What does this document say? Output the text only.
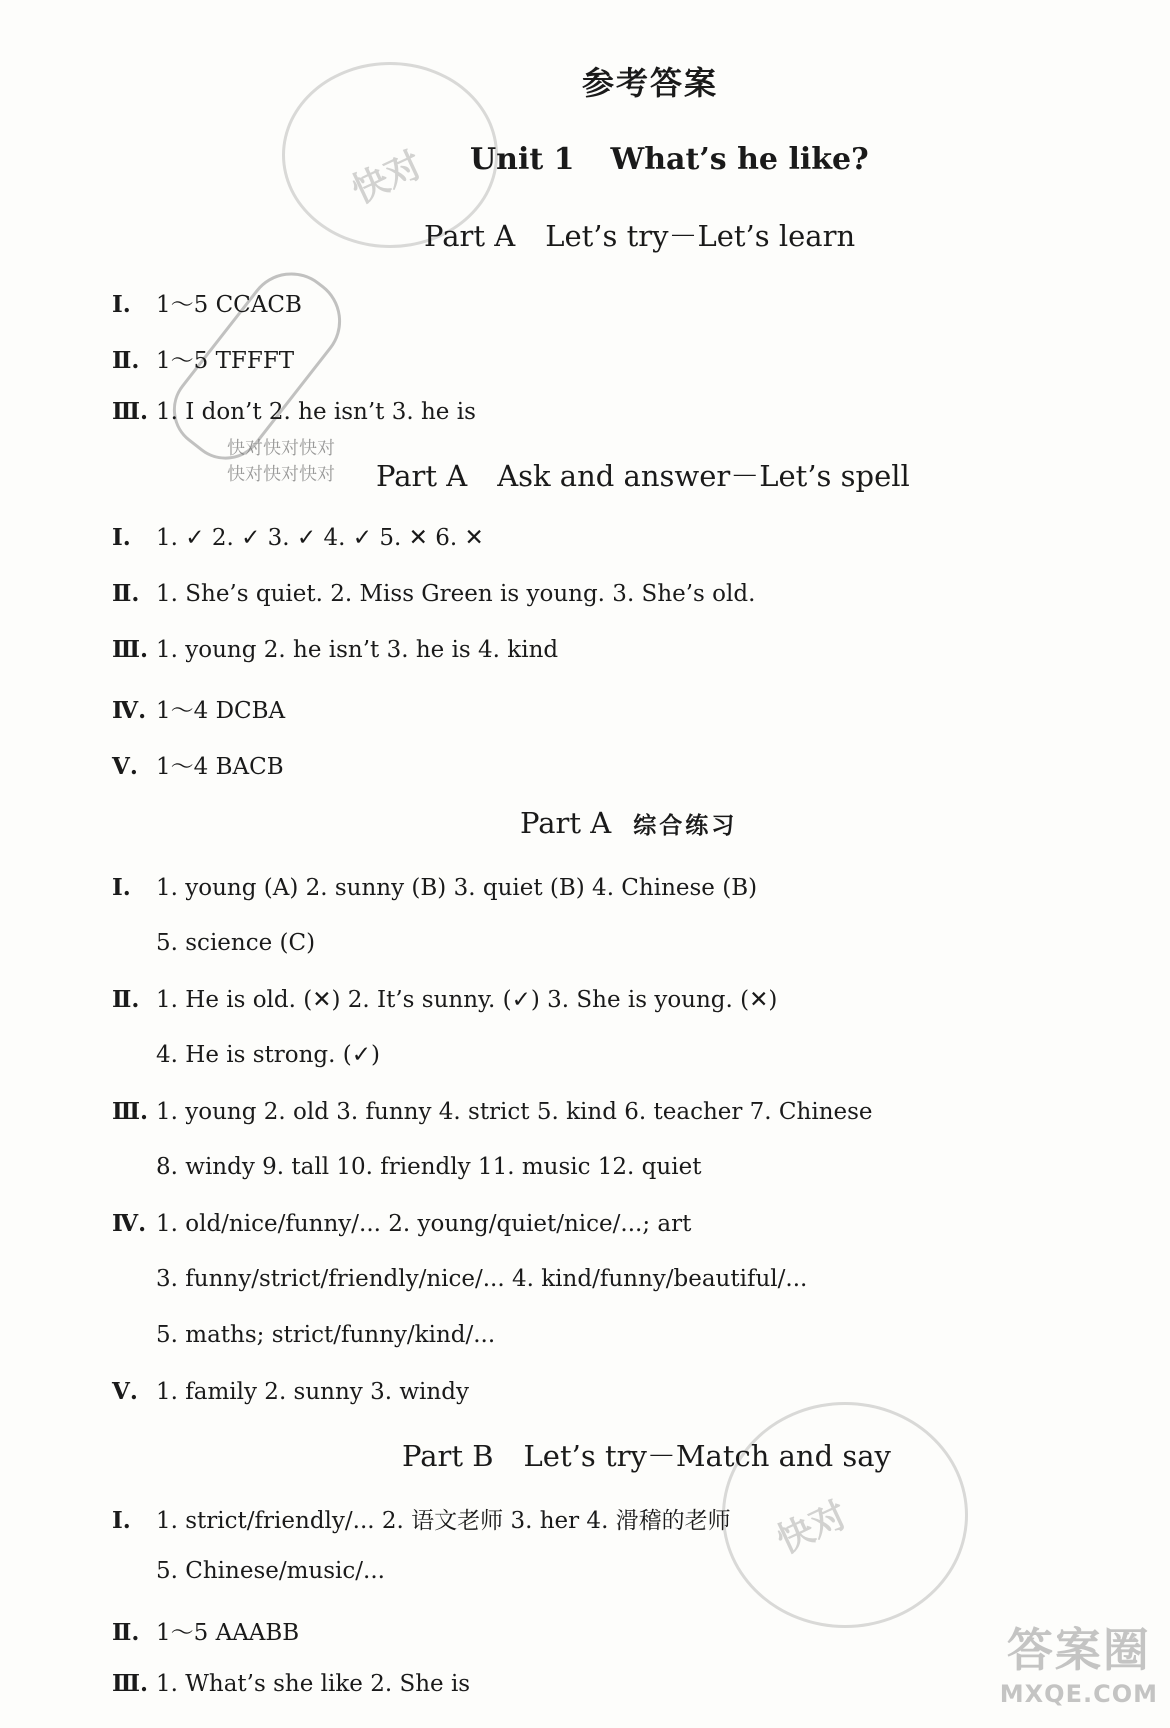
快对
快对
快对快对快对
快对快对快对
参考答案
Unit 1 What’s he like?
Part A Let’s try－Let’s learn
Ⅰ. 1～5 CCACB
Ⅱ. 1～5 TFFFT
Ⅲ. 1. I don’t 2. he isn’t 3. he is
Part A Ask and answer－Let’s spell
Ⅰ. 1. ✓ 2. ✓ 3. ✓ 4. ✓ 5. ✕ 6. ✕
Ⅱ. 1. She’s quiet. 2. Miss Green is young. 3. She’s old.
Ⅲ. 1. young 2. he isn’t 3. he is 4. kind
Ⅳ. 1～4 DCBA
Ⅴ. 1～4 BACB
Part A 综合练习
Ⅰ. 1. young (A) 2. sunny (B) 3. quiet (B) 4. Chinese (B)
5. science (C)
Ⅱ. 1. He is old. (✕) 2. It’s sunny. (✓) 3. She is young. (✕)
4. He is strong. (✓)
Ⅲ. 1. young 2. old 3. funny 4. strict 5. kind 6. teacher 7. Chinese
8. windy 9. tall 10. friendly 11. music 12. quiet
Ⅳ. 1. old/nice/funny/... 2. young/quiet/nice/...; art
3. funny/strict/friendly/nice/... 4. kind/funny/beautiful/...
5. maths; strict/funny/kind/...
Ⅴ. 1. family 2. sunny 3. windy
Part B Let’s try－Match and say
Ⅰ. 1. strict/friendly/... 2. 语文老师 3. her 4. 滑稽的老师
5. Chinese/music/...
Ⅱ. 1～5 AAABB
Ⅲ. 1. What’s she like 2. She is
答案圈
MXQE.COM
